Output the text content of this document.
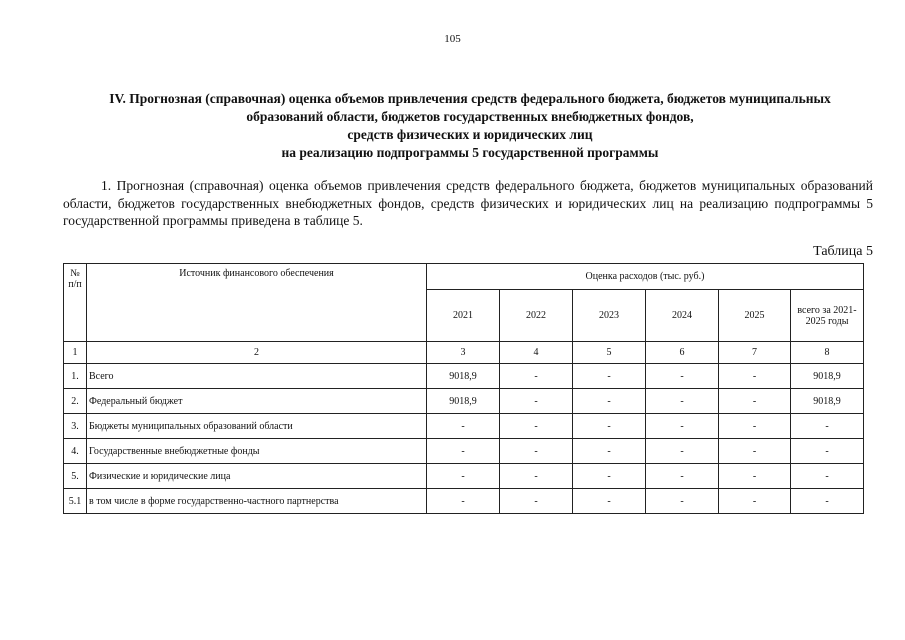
105
IV. Прогнозная (справочная) оценка объемов привлечения средств федерального бюджета, бюджетов муниципальных
образований области, бюджетов государственных внебюджетных фондов,
средств физических и юридических лиц
на реализацию подпрограммы 5 государственной программы
1. Прогнозная (справочная) оценка объемов привлечения средств федерального бюджета, бюджетов муниципальных образований области, бюджетов государственных внебюджетных фондов, средств физических и юридических лиц на реализацию подпрограммы 5 государственной программы приведена в таблице 5.
Таблица 5
№ п/п	Источник финансового обеспечения	Оценка расходов (тыс. руб.)					
		2021	2022	2023	2024	2025	всего за 2021-2025 годы
1	2	3	4	5	6	7	8
1.	Всего	9018,9	-	-	-	-	9018,9
2.	Федеральный бюджет	9018,9	-	-	-	-	9018,9
3.	Бюджеты муниципальных образований области	-	-	-	-	-	-
4.	Государственные внебюджетные фонды	-	-	-	-	-	-
5.	Физические и юридические лица	-	-	-	-	-	-
5.1	в том числе в форме государственно-частного партнерства	-	-	-	-	-	-
